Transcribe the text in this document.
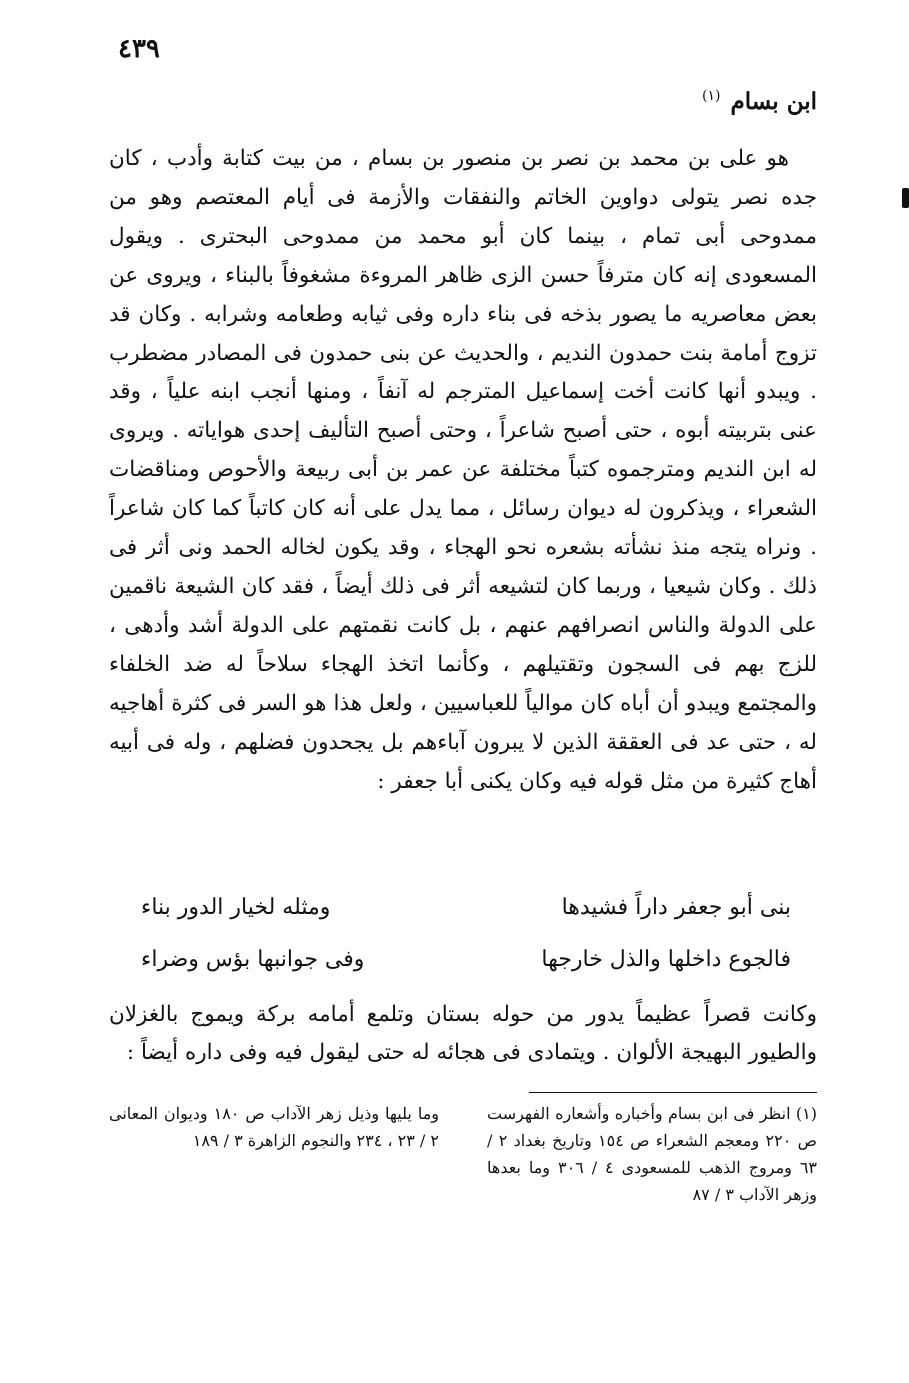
٤٣٩
ابن بسام$^{(١)}$

هو على بن محمد بن نصر بن منصور بن بسام ، من بيت كتابة وأدب ، كان جده نصر يتولى دواوين الخاتم والنفقات والأزمة فى أيام المعتصم وهو من ممدوحى أبى تمام ، بينما كان أبو محمد من ممدوحى البحترى . ويقول المسعودى إنه كان مترفاً حسن الزى ظاهر المروءة مشغوفاً بالبناء ، ويروى عن بعض معاصريه ما يصور بذخه فى بناء داره وفى ثيابه وطعامه وشرابه . وكان قد تزوج أمامة بنت حمدون النديم ، والحديث عن بنى حمدون فى المصادر مضطرب . ويبدو أنها كانت أخت إسماعيل المترجم له آنفاً ، ومنها أنجب ابنه علياً ، وقد عنى بتربيته أبوه ، حتى أصبح شاعراً ، وحتى أصبح التأليف إحدى هواياته . ويروى له ابن النديم ومترجموه كتباً مختلفة عن عمر بن أبى ربيعة والأحوص ومناقضات الشعراء ، ويذكرون له ديوان رسائل ، مما يدل على أنه كان كاتباً كما كان شاعراً . ونراه يتجه منذ نشأته بشعره نحو الهجاء ، وقد يكون لخاله الحمد ونى أثر فى ذلك . وكان شيعيا ، وربما كان لتشيعه أثر فى ذلك أيضاً ، فقد كان الشيعة ناقمين على الدولة والناس انصرافهم عنهم ، بل كانت نقمتهم على الدولة أشد وأدهى ، للزج بهم فى السجون وتقتيلهم ، وكأنما اتخذ الهجاء سلاحاً له ضد الخلفاء والمجتمع ويبدو أن أباه كان موالياً للعباسيين ، ولعل هذا هو السر فى كثرة أهاجيه له ، حتى عد فى العققة الذين لا يبرون آباءهم بل يجحدون فضلهم ، وله فى أبيه أهاج كثيرة من مثل قوله فيه وكان يكنى أبا جعفر :

بنى أبو جعفر داراً فشيدها
ومثله لخيار الدور بناء
فالجوع داخلها والذل خارجها
وفى جوانبها بؤس وضراء

وكانت قصراً عظيماً يدور من حوله بستان وتلمع أمامه بركة ويموج بالغزلان والطيور البهيجة الألوان . ويتمادى فى هجائه له حتى ليقول فيه وفى داره أيضاً :

(١) انظر فى ابن بسام وأخباره وأشعاره الفهرست ص ٢٢٠ ومعجم الشعراء ص ١٥٤ وتاريخ بغداد ٢ / ٦٣ ومروج الذهب للمسعودى ٤ / ٣٠٦ وما بعدها وزهر الآداب ٣ / ٨٧

وما يليها وذيل زهر الآداب ص ١٨٠ وديوان المعانى ٢ / ٢٣ ، ٢٣٤ والنجوم الزاهرة ٣ / ١٨٩
